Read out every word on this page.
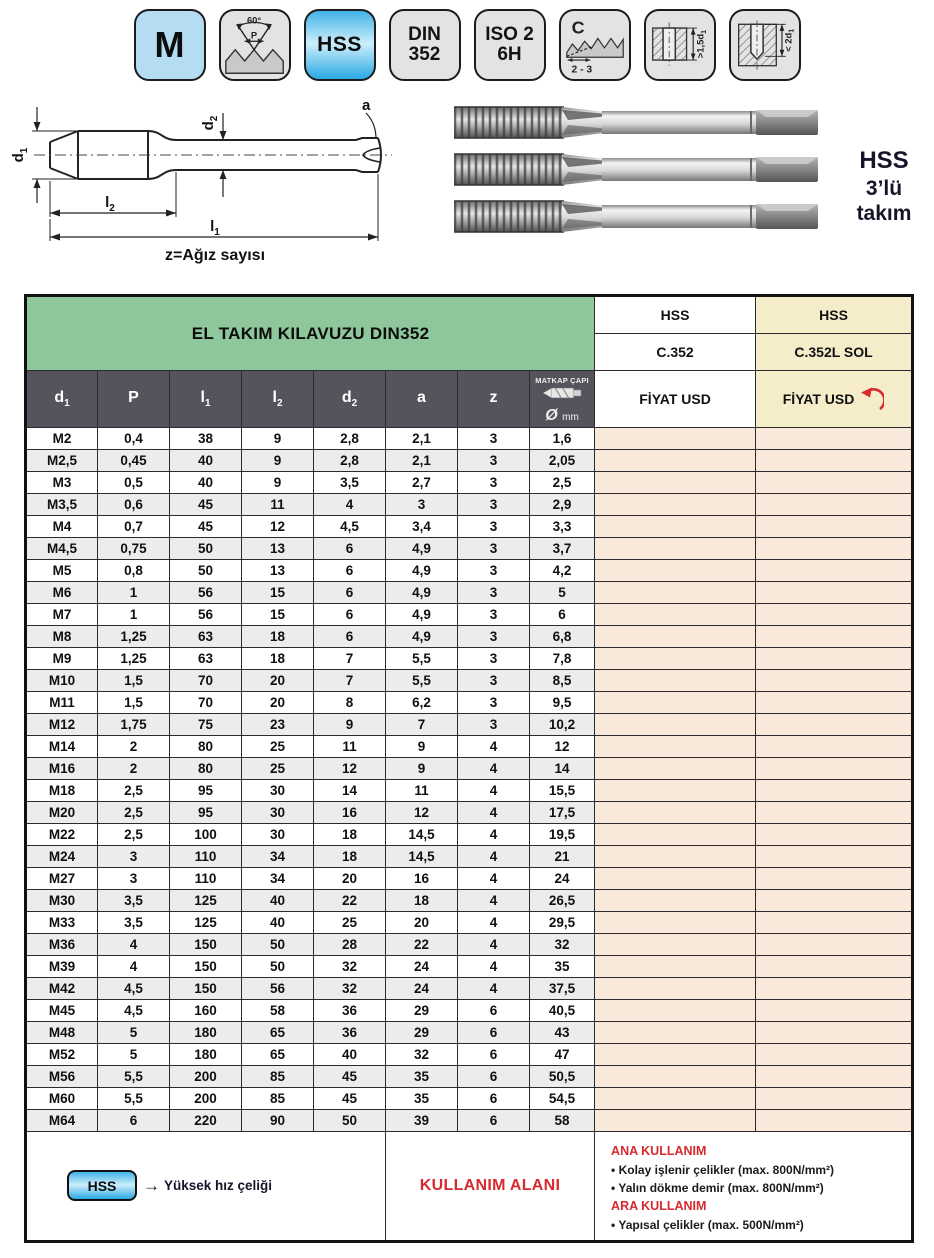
M
60°
P	HSS DIN
352
ISO 2
6H
C
2 - 3
$>1,5d_1$
< $2d_1$
$d_1$
$d_2$
a
$l_2$
$l_1$
z=Ağız sayısı
HSS
3’lü takım
EL TAKIM KILAVUZU DIN352								HSS	HSS
								C.352	C.352L SOL
$d_1$	P	$l_1$	$l_2$	$d_2$	a	z	MATKAP ÇAPI
Ø mm	FİYAT USD	FİYAT USD

M2	0,4	38	9	2,8	2,1	3	1,6		
M2,5	0,45	40	9	2,8	2,1	3	2,05		
M3	0,5	40	9	3,5	2,7	3	2,5		
M3,5	0,6	45	11	4	3	3	2,9		
M4	0,7	45	12	4,5	3,4	3	3,3		
M4,5	0,75	50	13	6	4,9	3	3,7		
M5	0,8	50	13	6	4,9	3	4,2		
M6	1	56	15	6	4,9	3	5		
M7	1	56	15	6	4,9	3	6		
M8	1,25	63	18	6	4,9	3	6,8		
M9	1,25	63	18	7	5,5	3	7,8		
M10	1,5	70	20	7	5,5	3	8,5		
M11	1,5	70	20	8	6,2	3	9,5		
M12	1,75	75	23	9	7	3	10,2		
M14	2	80	25	11	9	4	12		
M16	2	80	25	12	9	4	14		
M18	2,5	95	30	14	11	4	15,5		
M20	2,5	95	30	16	12	4	17,5		
M22	2,5	100	30	18	14,5	4	19,5		
M24	3	110	34	18	14,5	4	21		
M27	3	110	34	20	16	4	24		
M30	3,5	125	40	22	18	4	26,5		
M33	3,5	125	40	25	20	4	29,5		
M36	4	150	50	28	22	4	32		
M39	4	150	50	32	24	4	35		
M42	4,5	150	56	32	24	4	37,5		
M45	4,5	160	58	36	29	6	40,5		
M48	5	180	65	36	29	6	43		
M52	5	180	65	40	32	6	47		
M56	5,5	200	85	45	35	6	50,5		
M60	5,5	200	85	45	35	6	54,5		
M64	6	220	90	50	39	6	58		

HSS	→ Yüksek hız çeliği	KULLANIM ALANI	
ANA KULLANIM
• Kolay işlenir çelikler (max. 800N/mm²)
• Yalın dökme demir (max. 800N/mm²)
ARA KULLANIM
• Yapısal çelikler (max. 500N/mm²)
